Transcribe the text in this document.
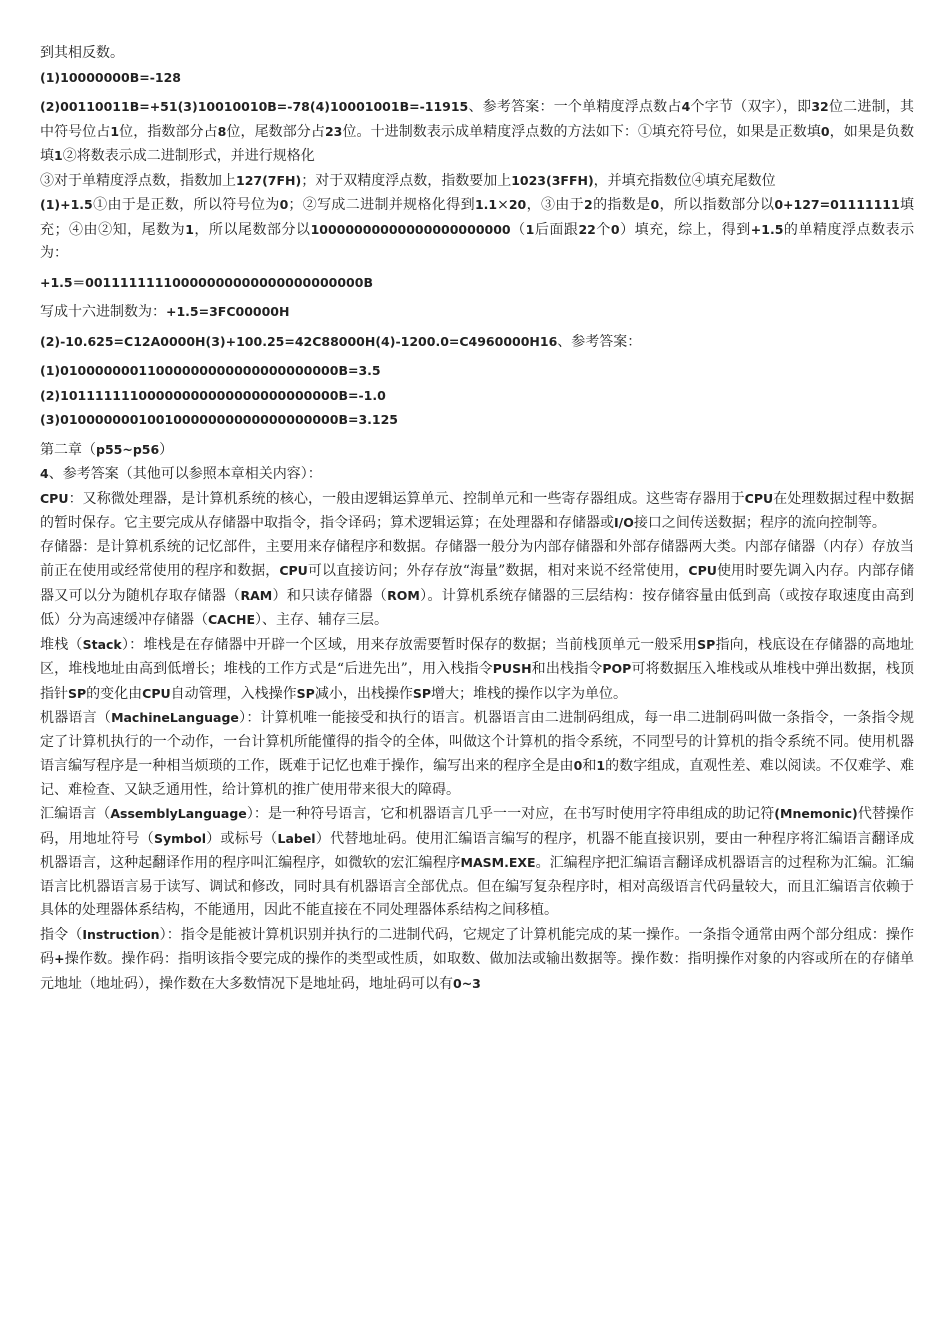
到其相反数。

(1)10000000B=-128

(2)00110011B=+51(3)10010010B=-78(4)10001001B=-11915、参考答案：一个单精度浮点数占4个字节（双字），即32位二进制，其中符号位占1位，指数部分占8位，尾数部分占23位。十进制数表示成单精度浮点数的方法如下：①填充符号位，如果是正数填0，如果是负数填1②将数表示成二进制形式，并进行规格化

③对于单精度浮点数，指数加上127(7FH)；对于双精度浮点数，指数要加上1023(3FFH)，并填充指数位④填充尾数位

(1)+1.5①由于是正数，所以符号位为0；②写成二进制并规格化得到1.1×20，③由于2的指数是0，所以指数部分以0+127=01111111填充；④由②知，尾数为1，所以尾数部分以10000000000000000000000（1后面跟22个0）填充，综上，得到+1.5的单精度浮点数表示为：

+1.5＝00111111110000000000000000000000B

写成十六进制数为：+1.5=3FC00000H

(2)-10.625=C12A0000H(3)+100.25=42C88000H(4)-1200.0=C4960000H16、参考答案：

(1)01000000011000000000000000000000B=3.5

(2)10111111100000000000000000000000B=-1.0

(3)01000000010010000000000000000000B=3.125

第二章（p55~p56）

4、参考答案（其他可以参照本章相关内容）：

CPU：又称微处理器，是计算机系统的核心，一般由逻辑运算单元、控制单元和一些寄存器组成。这些寄存器用于CPU在处理数据过程中数据的暂时保存。它主要完成从存储器中取指令，指令译码；算术逻辑运算；在处理器和存储器或I/O接口之间传送数据；程序的流向控制等。

存储器：是计算机系统的记忆部件，主要用来存储程序和数据。存储器一般分为内部存储器和外部存储器两大类。内部存储器（内存）存放当前正在使用或经常使用的程序和数据，CPU可以直接访问；外存存放“海量”数据，相对来说不经常使用，CPU使用时要先调入内存。内部存储器又可以分为随机存取存储器（RAM）和只读存储器（ROM）。计算机系统存储器的三层结构：按存储容量由低到高（或按存取速度由高到低）分为高速缓冲存储器（CACHE）、主存、辅存三层。

堆栈（Stack）：堆栈是在存储器中开辟一个区域，用来存放需要暂时保存的数据；当前栈顶单元一般采用SP指向，栈底设在存储器的高地址区，堆栈地址由高到低增长；堆栈的工作方式是“后进先出”，用入栈指令PUSH和出栈指令POP可将数据压入堆栈或从堆栈中弹出数据，栈顶指针SP的变化由CPU自动管理，入栈操作SP减小，出栈操作SP增大；堆栈的操作以字为单位。

机器语言（MachineLanguage）：计算机唯一能接受和执行的语言。机器语言由二进制码组成，每一串二进制码叫做一条指令，一条指令规定了计算机执行的一个动作，一台计算机所能懂得的指令的全体，叫做这个计算机的指令系统，不同型号的计算机的指令系统不同。使用机器语言编写程序是一种相当烦琐的工作，既难于记忆也难于操作，编写出来的程序全是由0和1的数字组成，直观性差、难以阅读。不仅难学、难记、难检查、又缺乏通用性，给计算机的推广使用带来很大的障碍。

汇编语言（AssemblyLanguage）：是一种符号语言，它和机器语言几乎一一对应，在书写时使用字符串组成的助记符(Mnemonic)代替操作码，用地址符号（Symbol）或标号（Label）代替地址码。使用汇编语言编写的程序，机器不能直接识别，要由一种程序将汇编语言翻译成机器语言，这种起翻译作用的程序叫汇编程序，如微软的宏汇编程序MASM.EXE。汇编程序把汇编语言翻译成机器语言的过程称为汇编。汇编语言比机器语言易于读写、调试和修改，同时具有机器语言全部优点。但在编写复杂程序时，相对高级语言代码量较大，而且汇编语言依赖于具体的处理器体系结构，不能通用，因此不能直接在不同处理器体系结构之间移植。

指令（Instruction）：指令是能被计算机识别并执行的二进制代码，它规定了计算机能完成的某一操作。一条指令通常由两个部分组成：操作码+操作数。操作码：指明该指令要完成的操作的类型或性质，如取数、做加法或输出数据等。操作数：指明操作对象的内容或所在的存储单元地址（地址码），操作数在大多数情况下是地址码，地址码可以有0~3
